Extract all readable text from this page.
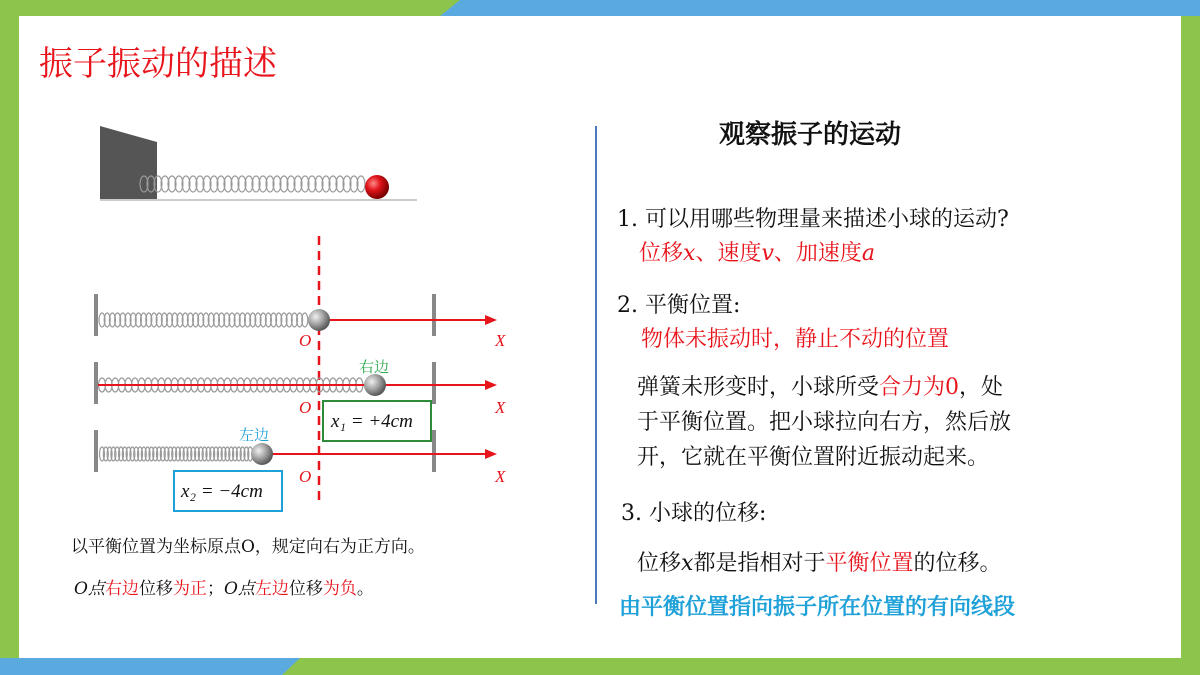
振子振动的描述
O	X
右边
O	X
x₁ = +4cm
左边
O	X
x₂ = −4cm
以平衡位置为坐标原点O，规定向右为正方向。
O点右边位移为正；O点左边位移为负。
观察振子的运动
1. 可以用哪些物理量来描述小球的运动?
位移x、速度v、加速度a
2. 平衡位置:
物体未振动时，静止不动的位置
弹簧未形变时，小球所受合力为0，处
于平衡位置。把小球拉向右方，然后放
开，它就在平衡位置附近振动起来。
3. 小球的位移:
位移x都是指相对于平衡位置的位移。
由平衡位置指向振子所在位置的有向线段
